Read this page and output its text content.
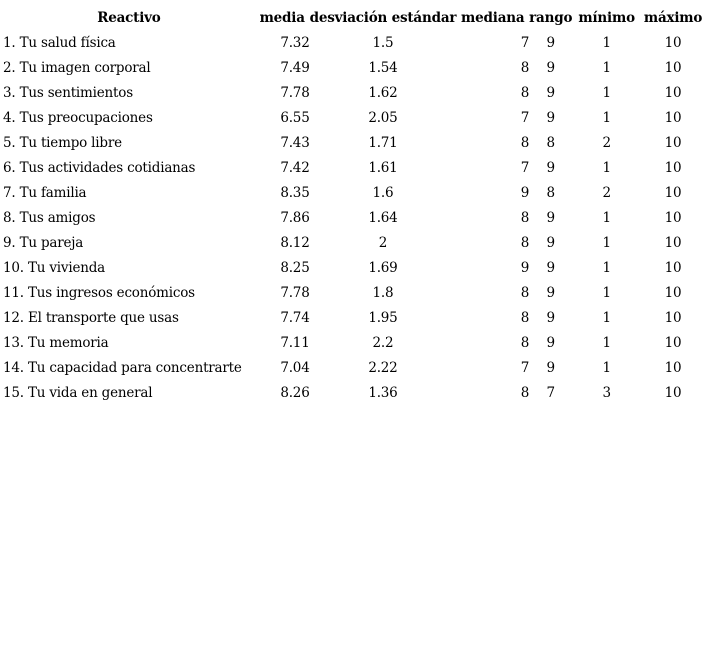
Reactivo	media	desviación estándar	mediana	rango	mínimo	máximo
1. Tu salud física	7.32	1.5	7	9	1	10
2. Tu imagen corporal	7.49	1.54	8	9	1	10
3. Tus sentimientos	7.78	1.62	8	9	1	10
4. Tus preocupaciones	6.55	2.05	7	9	1	10
5. Tu tiempo libre	7.43	1.71	8	8	2	10
6. Tus actividades cotidianas	7.42	1.61	7	9	1	10
7. Tu familia	8.35	1.6	9	8	2	10
8. Tus amigos	7.86	1.64	8	9	1	10
9. Tu pareja	8.12	2	8	9	1	10
10. Tu vivienda	8.25	1.69	9	9	1	10
11. Tus ingresos económicos	7.78	1.8	8	9	1	10
12. El transporte que usas	7.74	1.95	8	9	1	10
13. Tu memoria	7.11	2.2	8	9	1	10
14. Tu capacidad para concentrarte	7.04	2.22	7	9	1	10
15. Tu vida en general	8.26	1.36	8	7	3	10
